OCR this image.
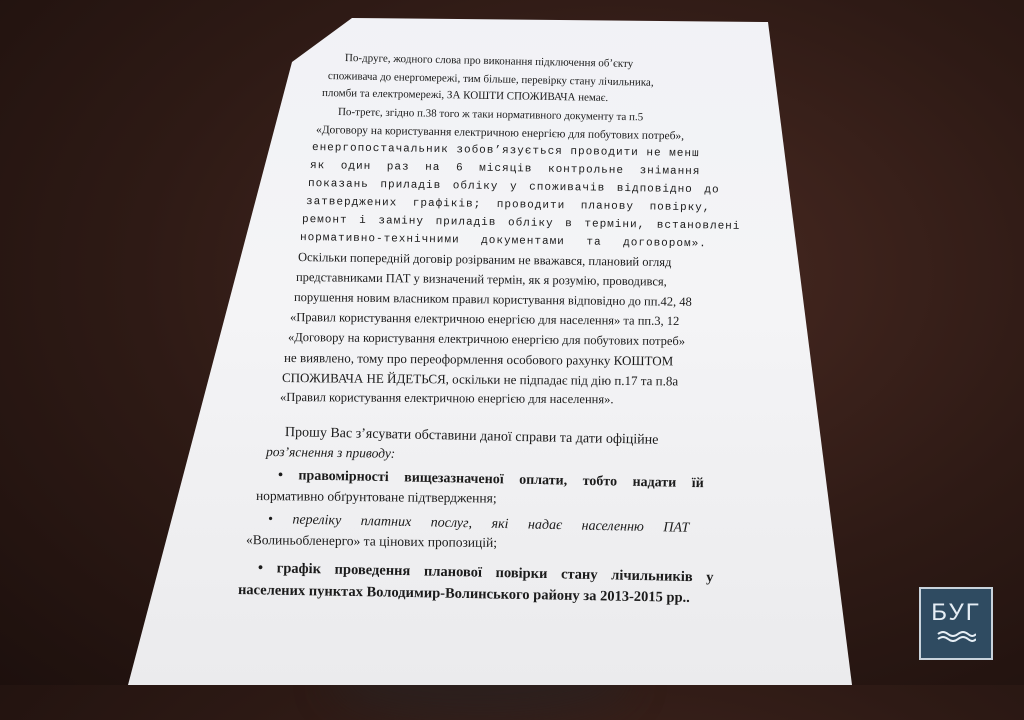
По-друге, жодного слова про виконання підключення об’єкту
споживача до енергомережі, тим більше, перевірку стану лічильника,
пломби та електромережі, ЗА КОШТИ СПОЖИВАЧА немає.
По-третє, згідно п.38 того ж таки нормативного документу та п.5
«Договору на користування електричною енергією для побутових потреб»,
енергопостачальник зобов’язується проводити не менш
як один раз на 6 місяців контрольне знімання
показань приладів обліку у споживачів відповідно до
затверджених графіків; проводити планову повірку,
ремонт і заміну приладів обліку в терміни, встановлені
нормативно-технічними документами та договором».
Оскільки попередній договір розірваним не вважався, плановий огляд
представниками ПАТ у визначений термін, як я розумію, проводився,
порушення новим власником правил користування відповідно до пп.42, 48
«Правил користування електричною енергією для населення» та пп.3, 12
«Договору на користування електричною енергією для побутових потреб»
не виявлено, тому про переоформлення особового рахунку КОШТОМ
СПОЖИВАЧА НЕ ЙДЕТЬСЯ, оскільки не підпадає під дію п.17 та п.8а
«Правил користування електричною енергією для населення».
Прошу Вас з’ясувати обставини даної справи та дати офіційне
роз’яснення з приводу:
• правомірності вищезазначеної оплати, тобто надати їй
нормативно обґрунтоване підтвердження;
• переліку платних послуг, які надає населенню ПАТ
«Волиньобленерго» та цінових пропозицій;
• графік проведення планової повірки стану лічильників у
населених пунктах Володимир-Волинського району за 2013-2015 рр..
БУГ
